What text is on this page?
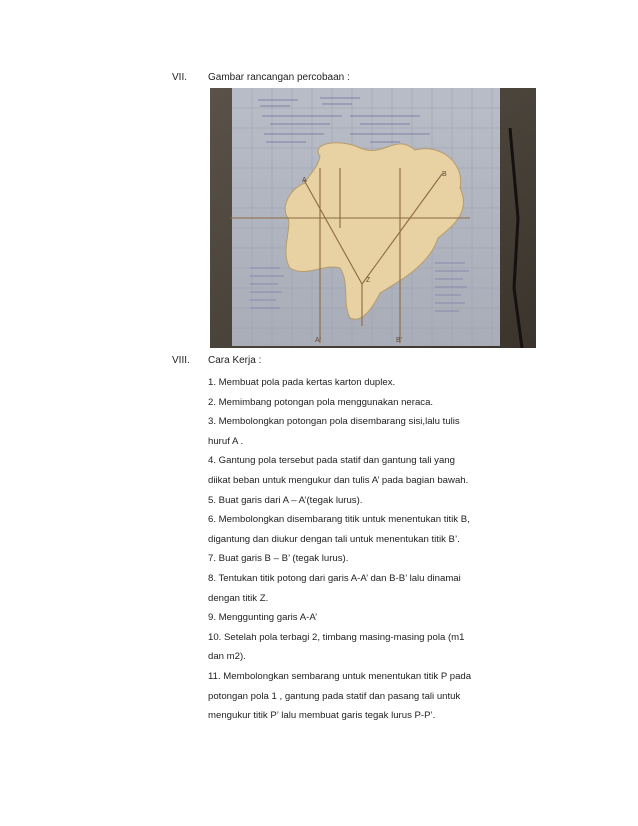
VII. Gambar rancangan percobaan :
A
A'
B
B'
Z
VIII. Cara Kerja :
1. Membuat pola pada kertas karton duplex.
2. Memimbang potongan pola menggunakan neraca.
3. Membolongkan potongan pola disembarang sisi,lalu tulis
huruf A .
4. Gantung pola tersebut pada statif dan gantung tali yang
diikat beban untuk mengukur dan tulis A’ pada bagian bawah.
5. Buat garis dari A – A’(tegak lurus).
6. Membolongkan disembarang titik untuk menentukan titik B,
digantung dan diukur dengan tali untuk menentukan titik B’.
7. Buat garis B – B’ (tegak lurus).
8. Tentukan titik potong dari garis A-A’ dan B-B’ lalu dinamai
dengan titik Z.
9. Menggunting garis A-A’
10. Setelah pola terbagi 2, timbang masing-masing pola (m1
dan m2).
11. Membolongkan sembarang untuk menentukan titik P pada
potongan pola 1 , gantung pada statif dan pasang tali untuk
mengukur titik P’ lalu membuat garis tegak lurus P-P’.
